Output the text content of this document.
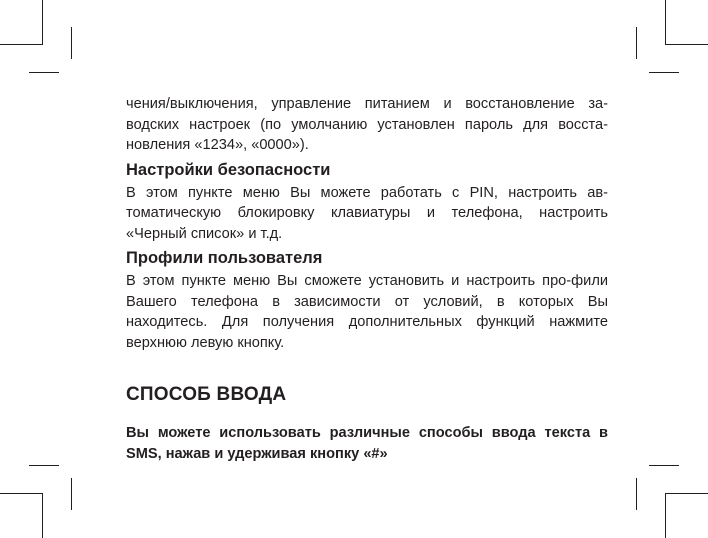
чения/выключения, управление питанием и восстановление за-водских настроек (по умолчанию установлен пароль для восста-новления «1234», «0000»).

Настройки безопасности

В этом пункте меню Вы можете работать с PIN, настроить ав-томатическую блокировку клавиатуры и телефона, настроить «Черный список» и т.д.

Профили пользователя

В этом пункте меню Вы сможете установить и настроить про-фили Вашего телефона в зависимости от условий, в которых Вы находитесь. Для получения дополнительных функций нажмите верхнюю левую кнопку.

СПОСОБ ВВОДА

Вы можете использовать различные способы ввода текста в SMS, нажав и удерживая кнопку «#»
